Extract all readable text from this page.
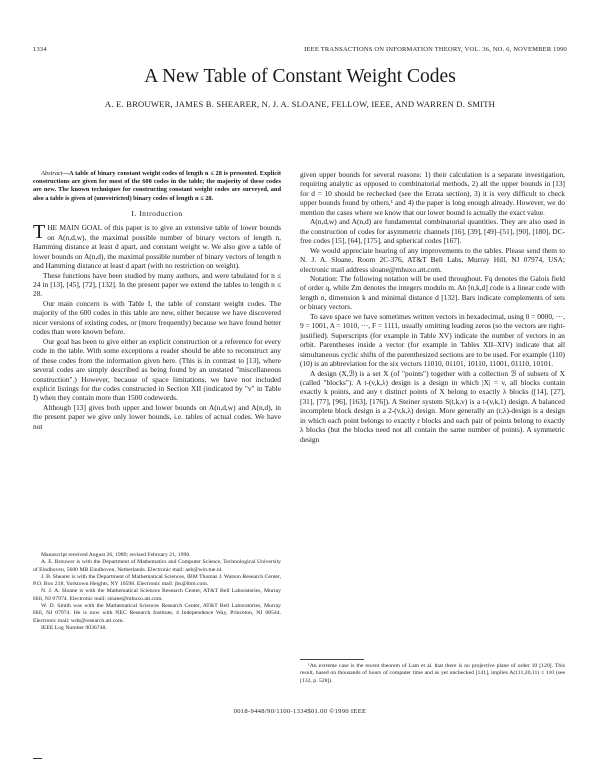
1334	IEEE TRANSACTIONS ON INFORMATION THEORY, VOL. 36, NO. 6, NOVEMBER 1990
A New Table of Constant Weight Codes
A. E. BROUWER, JAMES B. SHEARER, N. J. A. SLOANE, FELLOW, IEEE, AND WARREN D. SMITH

Abstract—A table of binary constant weight codes of length n ≤ 28 is presented. Explicit constructions are given for most of the 600 codes in the table; the majority of these codes are new. The known techniques for constructing constant weight codes are surveyed, and also a table is given of (unrestricted) binary codes of length n ≤ 28.

I. Introduction

THE MAIN GOAL of this paper is to give an extensive table of lower bounds on A(n,d,w), the maximal possible number of binary vectors of length n, Hamming distance at least d apart, and constant weight w. We also give a table of lower bounds on A(n,d), the maximal possible number of binary vectors of length n and Hamming distance at least d apart (with no restriction on weight).

These functions have been studied by many authors, and were tabulated for n ≤ 24 in [13], [45], [72], [132]. In the present paper we extend the tables to length n ≤ 28.

Our main concern is with Table I, the table of constant weight codes. The majority of the 600 codes in this table are new, either because we have discovered nicer versions of existing codes, or (more frequently) because we have found better codes than were known before.

Our goal has been to give either an explicit construction or a reference for every code in the table. With some exceptions a reader should be able to reconstruct any of these codes from the information given here. (This is in contrast to [13], where several codes are simply described as being found by an unstated "miscellaneous construction".) However, because of space limitations, we have not included explicit listings for the codes constructed in Section XII (indicated by "v" in Table I) when they contain more than 1500 codewords.

Although [13] gives both upper and lower bounds on A(n,d,w) and A(n,d), in the present paper we give only lower bounds, i.e. tables of actual codes. We have not

Manuscript received August 26, 1989; revised February 21, 1990.

A. E. Brouwer is with the Department of Mathematics and Computer Science, Technological University of Eindhoven, 5600 MB Eindhoven, Netherlands. Electronic mail: aeb@win.tue.nl.

J. B. Shearer is with the Department of Mathematical Sciences, IBM Thomas J. Watson Research Center, P.O. Box 218, Yorktown Heights, NY 10598. Electronic mail: jbs@ibm.com.

N. J. A. Sloane is with the Mathematical Sciences Research Center, AT&T Bell Laboratories, Murray Hill, NJ 07974. Electronic mail: sloane@mhuxo.att.com.

W. D. Smith was with the Mathematical Sciences Research Center, AT&T Bell Laboratories, Murray Hill, NJ 07974. He is now with NEC Research Institute, 4 Independence Way, Princeton, NJ 08544. Electronic mail: wds@research.att.com.

IEEE Log Number 9036748.

given upper bounds for several reasons: 1) their calculation is a separate investigation, requiring analytic as opposed to combinatorial methods, 2) all the upper bounds in [13] for d = 10 should be rechecked (see the Errata section), 3) it is very difficult to check upper bounds found by others,¹ and 4) the paper is long enough already. However, we do mention the cases where we know that our lower bound is actually the exact value.

A(n,d,w) and A(n,d) are fundamental combinatorial quantities. They are also used in the construction of codes for asymmetric channels [16], [39], [49]–[51], [90], [180], DC-free codes [15], [64], [175], and spherical codes [167].

We would appreciate hearing of any improvements to the tables. Please send them to N. J. A. Sloane, Room 2C-376, AT&T Bell Labs, Murray Hill, NJ 07974, USA; electronic mail address sloane@mhuxo.att.com.

Notation: The following notation will be used throughout. Fq denotes the Galois field of order q, while Zm denotes the integers modulo m. An [n,k,d] code is a linear code with length n, dimension k and minimal distance d [132]. Bars indicate complements of sets or binary vectors.

To save space we have sometimes written vectors in hexadecimal, using 0 = 0000, ···, 9 = 1001, A = 1010, ···, F = 1111, usually omitting leading zeros (so the vectors are right-justified). Superscripts (for example in Table XV) indicate the number of vectors in an orbit. Parentheses inside a vector (for example in Tables XII–XIV) indicate that all simultaneous cyclic shifts of the parenthesized sections are to be used. For example (110)(10) is an abbreviation for the six vectors 11010, 01101, 10110, 11001, 01110, 10101.

A design (X,ℬ) is a set X (of "points") together with a collection ℬ of subsets of X (called "blocks"). A t-(v,k,λ) design is a design in which |X| = v, all blocks contain exactly k points, and any t distinct points of X belong to exactly λ blocks ([14], [27], [31], [77], [96], [163], [176]). A Steiner system S(t,k,v) is a t-(v,k,1) design. A balanced incomplete block design is a 2-(v,k,λ) design. More generally an (r,λ)-design is a design in which each point belongs to exactly r blocks and each pair of points belong to exactly λ blocks (but the blocks need not all contain the same number of points). A symmetric design

¹An extreme case is the recent theorem of Lam et al. that there is no projective plane of order 10 [120]. This result, based on thousands of hours of computer time and as yet unchecked [141], implies A(111,20,11) ≤ 110 (see [132, p. 528]).

0018-9448/90/1100-1334$01.00 ©1990 IEEE
